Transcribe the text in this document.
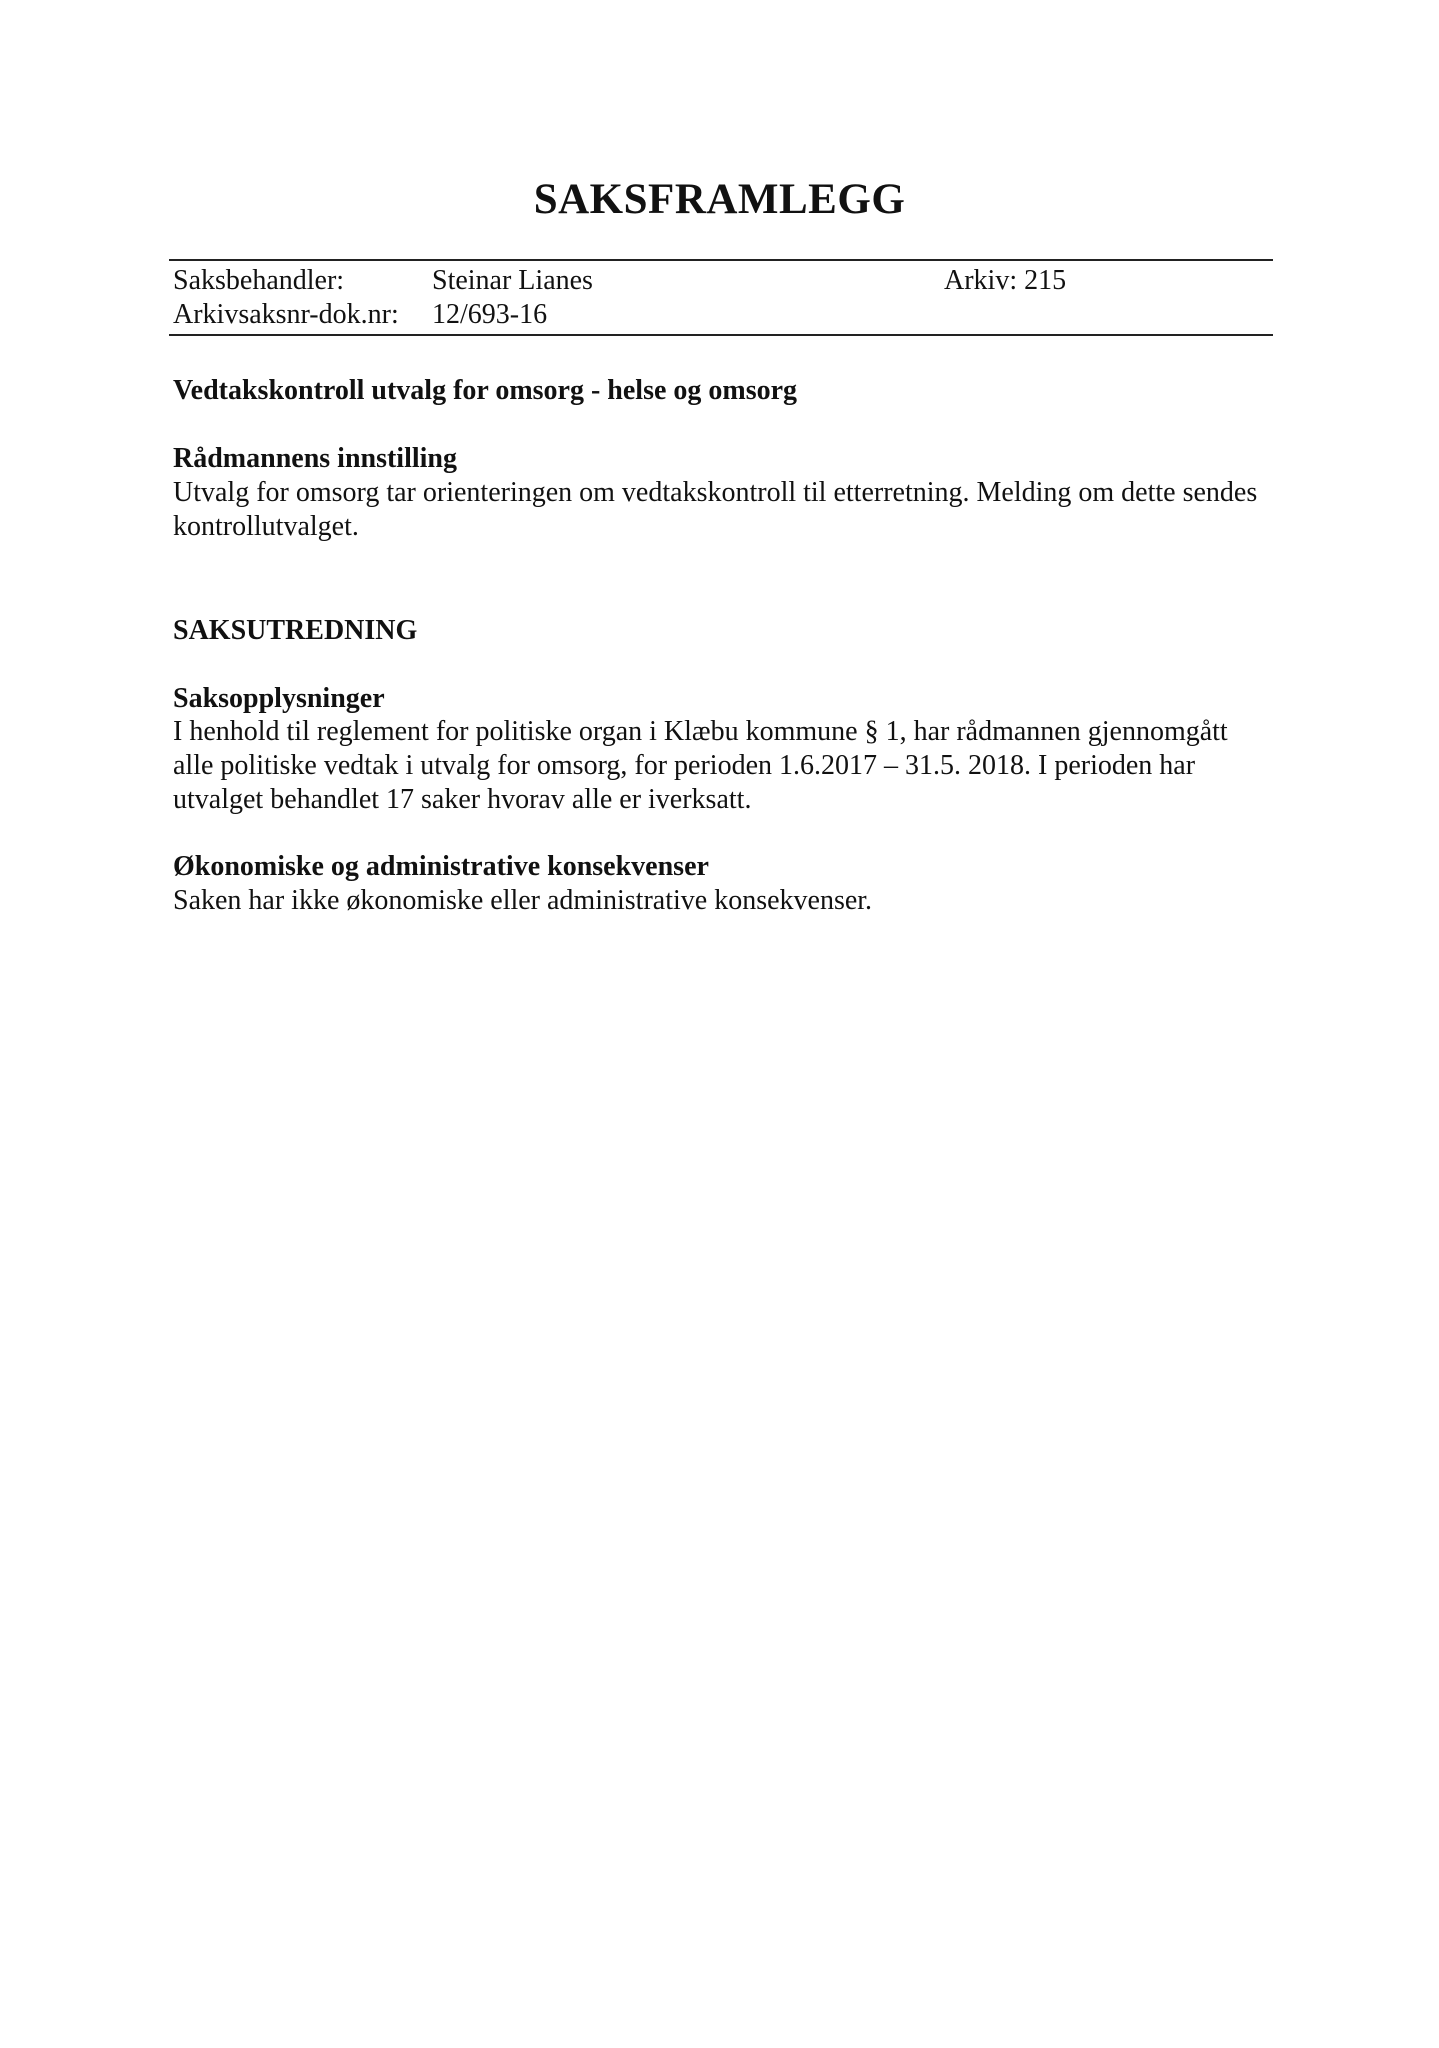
SAKSFRAMLEGG
Saksbehandler:	Steinar Lianes	Arkiv: 215
Arkivsaksnr-dok.nr: 12/693-16
Vedtakskontroll utvalg for omsorg - helse og omsorg
Rådmannens innstilling

Utvalg for omsorg tar orienteringen om vedtakskontroll til etterretning. Melding om dette sendes kontrollutvalget.

SAKSUTREDNING
Saksopplysninger

I henhold til reglement for politiske organ i Klæbu kommune § 1, har rådmannen gjennomgått alle politiske vedtak i utvalg for omsorg, for perioden 1.6.2017 – 31.5. 2018. I perioden har utvalget behandlet 17 saker hvorav alle er iverksatt.

Økonomiske og administrative konsekvenser

Saken har ikke økonomiske eller administrative konsekvenser.
